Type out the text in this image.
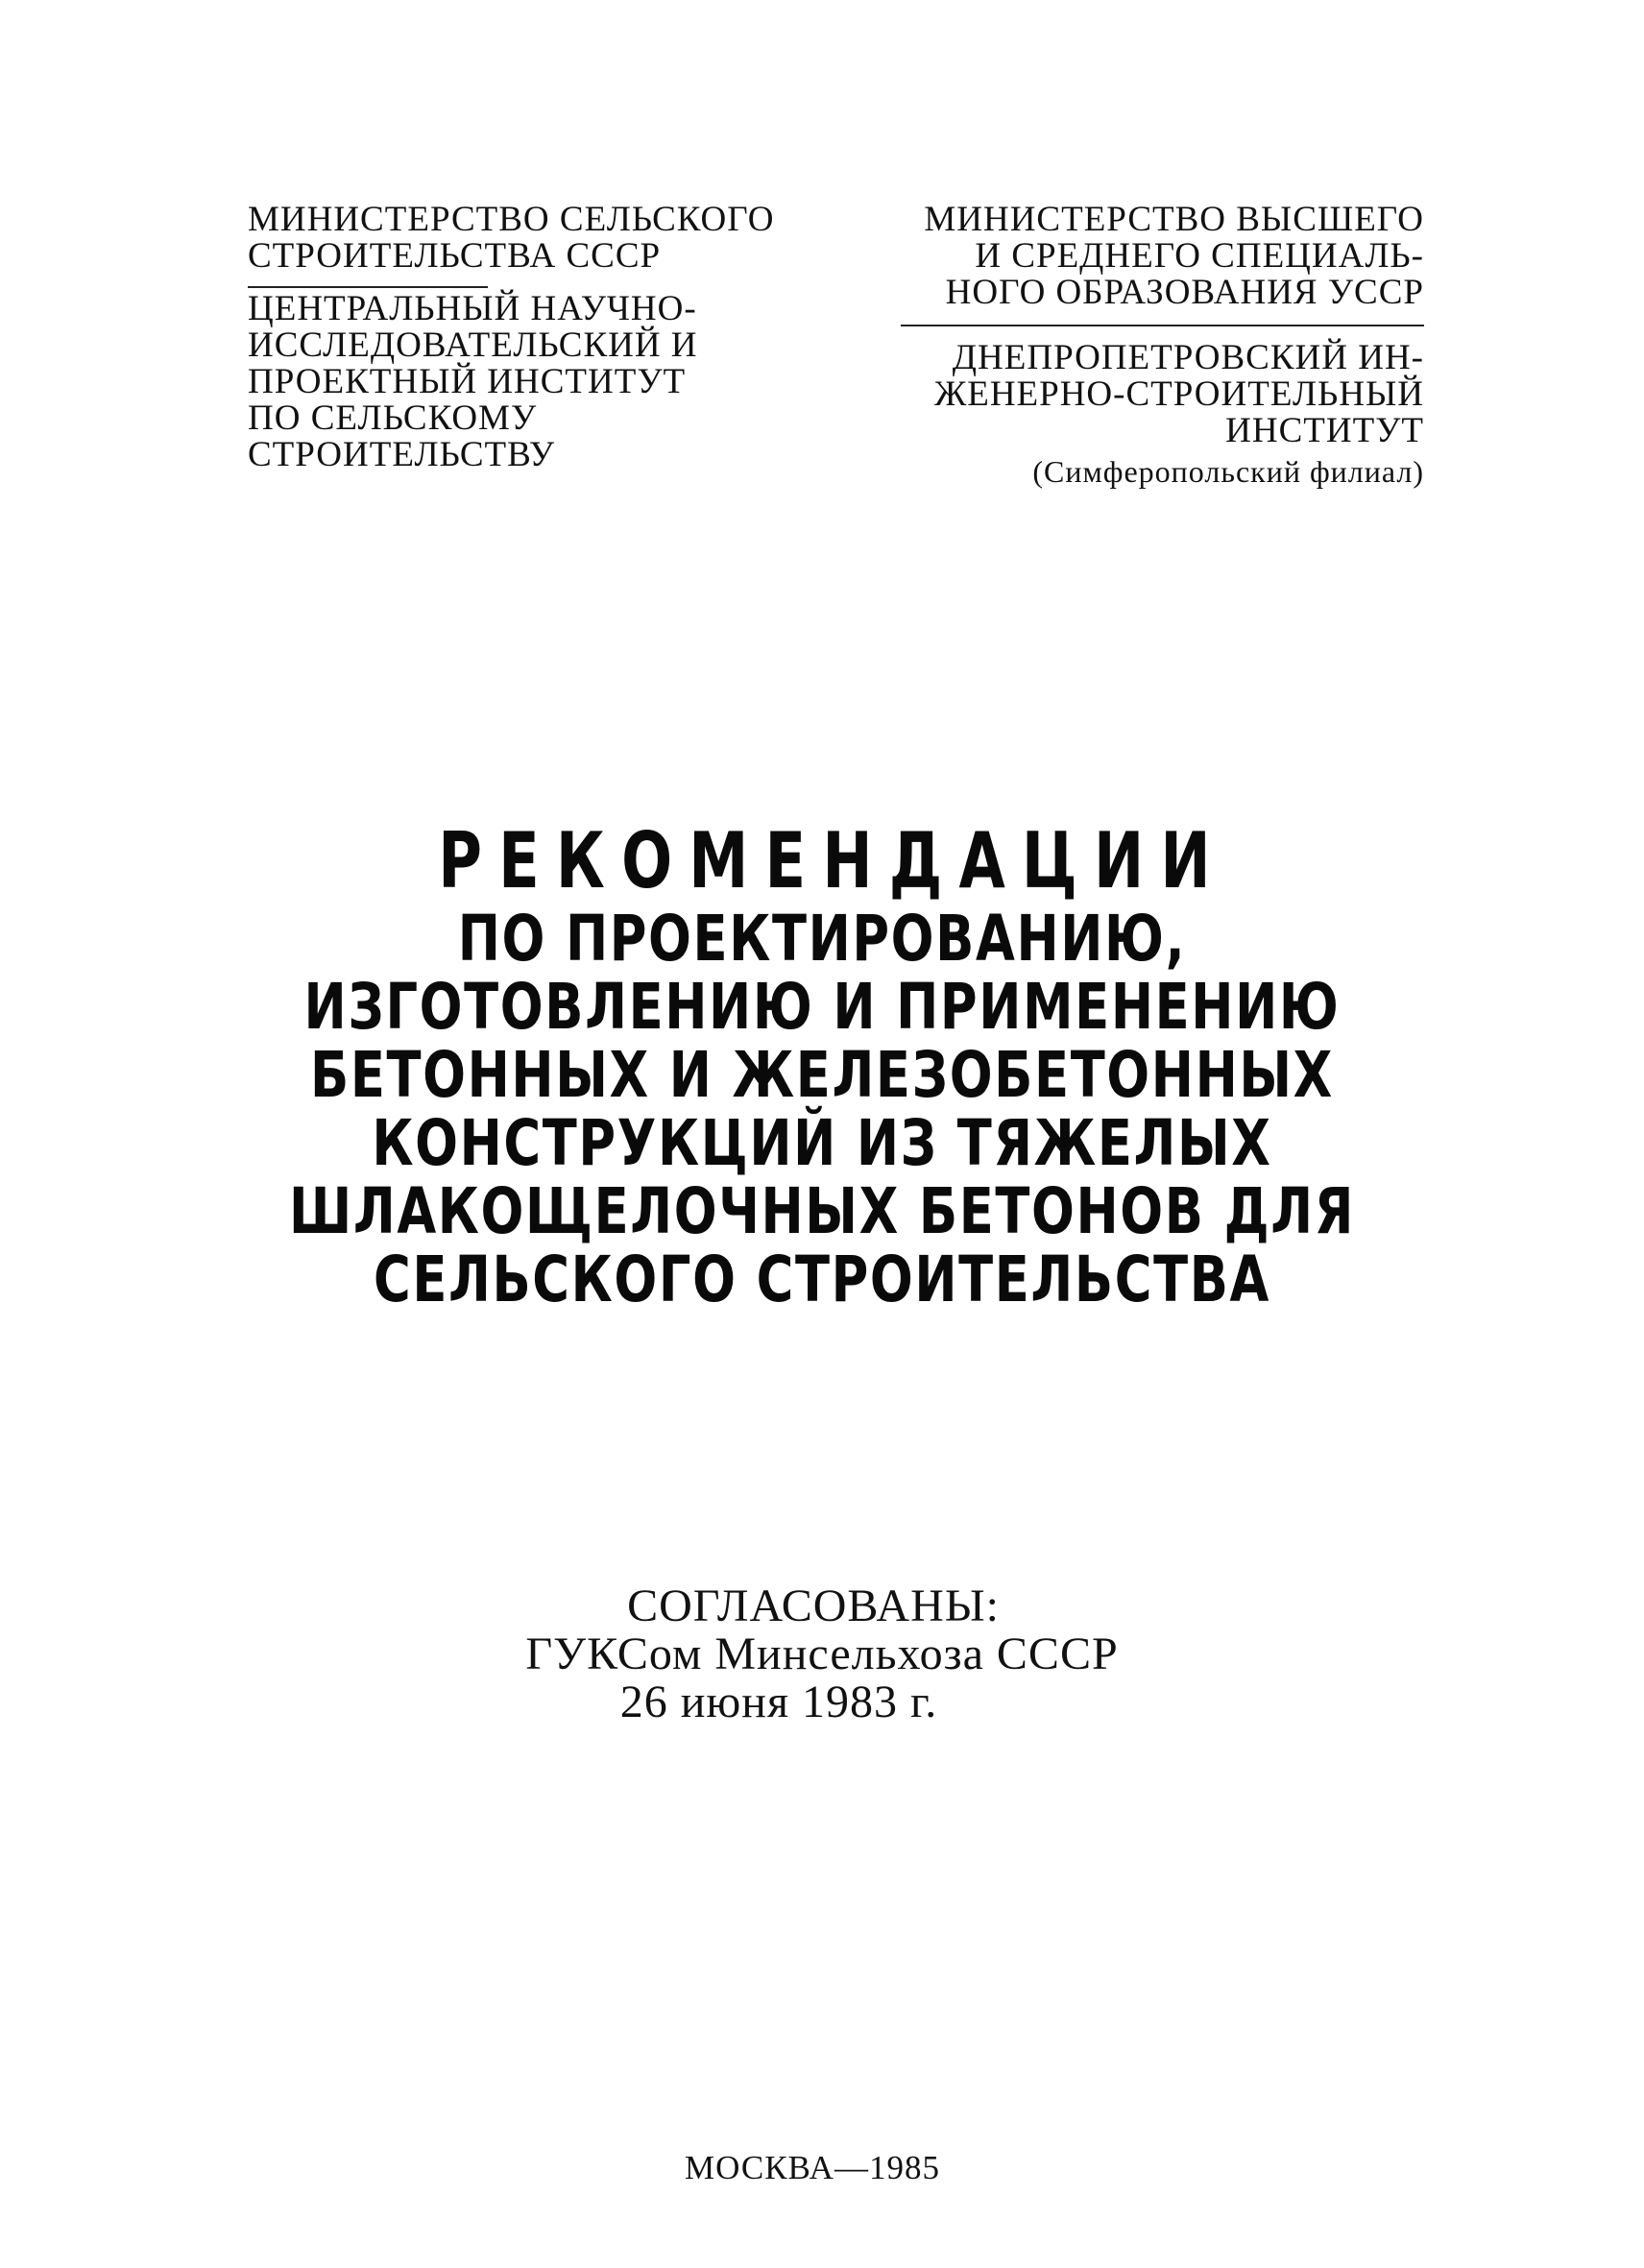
МИНИСТЕРСТВО СЕЛЬСКОГО
СТРОИТЕЛЬСТВА СССР
ЦЕНТРАЛЬНЫЙ НАУЧНО-
ИССЛЕДОВАТЕЛЬСКИЙ И
ПРОЕКТНЫЙ ИНСТИТУТ
ПО СЕЛЬСКОМУ
СТРОИТЕЛЬСТВУ
МИНИСТЕРСТВО ВЫСШЕГО
И СРЕДНЕГО СПЕЦИАЛЬ-
НОГО ОБРАЗОВАНИЯ УССР
ДНЕПРОПЕТРОВСКИЙ ИН-
ЖЕНЕРНО-СТРОИТЕЛЬНЫЙ
ИНСТИТУТ
(Симферопольский филиал)
РЕКОМЕНДАЦИИ
ПО ПРОЕКТИРОВАНИЮ,
ИЗГОТОВЛЕНИЮ И ПРИМЕНЕНИЮ
БЕТОННЫХ И ЖЕЛЕЗОБЕТОННЫХ
КОНСТРУКЦИЙ ИЗ ТЯЖЕЛЫХ
ШЛАКОЩЕЛОЧНЫХ БЕТОНОВ ДЛЯ
СЕЛЬСКОГО СТРОИТЕЛЬСТВА
СОГЛАСОВАНЫ:
ГУКСом Минсельхоза СССР
26 июня 1983 г.
МОСКВА—1985
